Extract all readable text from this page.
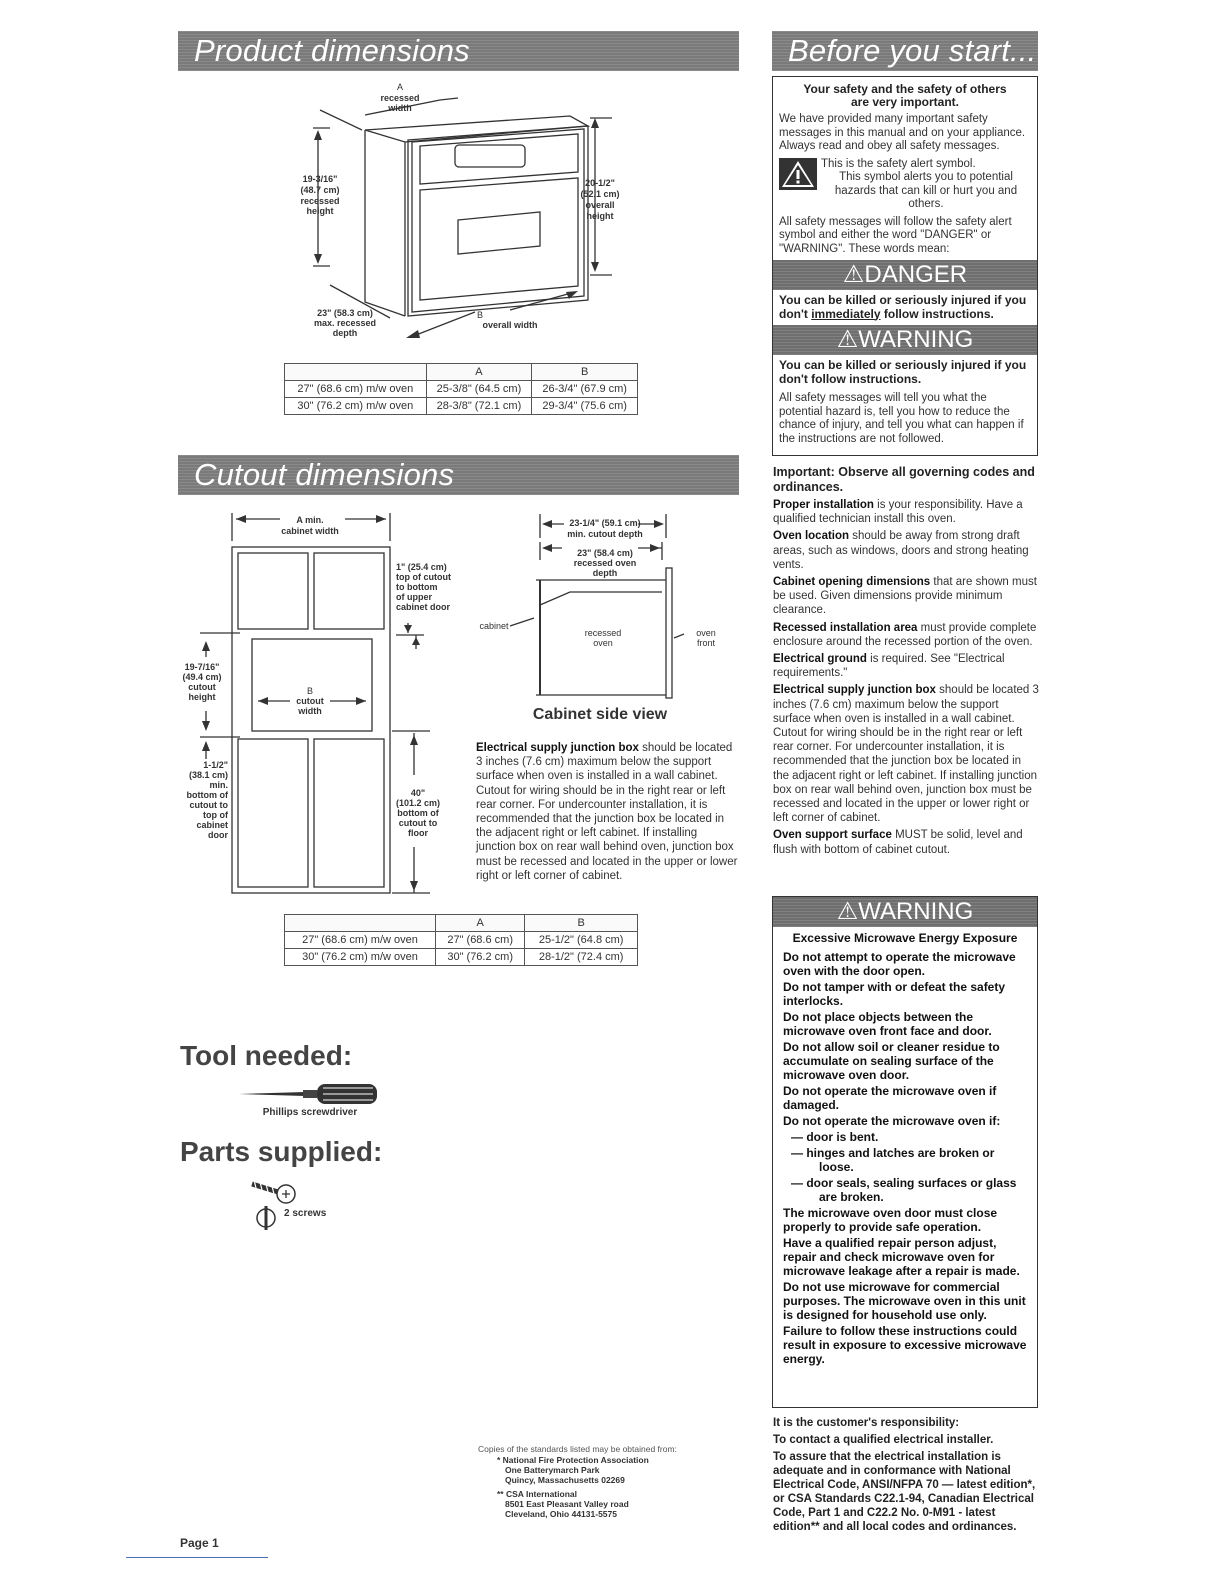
Product dimensions
A
recessed
width
19-3/16"
(48.7 cm)
recessed
height
20-1/2"
(52.1 cm)
overall
height
23" (58.3 cm)
max. recessed
depth
B
overall width
	A	B
27" (68.6 cm) m/w oven	25-3/8" (64.5 cm)	26-3/4" (67.9 cm)
30" (76.2 cm) m/w oven	28-3/8" (72.1 cm)	29-3/4" (75.6 cm)
Cutout dimensions
A min.
cabinet width
1" (25.4 cm)
top of cutout
to bottom
of upper
cabinet door
19-7/16"
(49.4 cm)
cutout
height
B
cutout
width
1-1/2"
(38.1 cm)
min.
bottom of
cutout to
top of
cabinet
door
40"
(101.2 cm)
bottom of
cutout to
floor
23-1/4" (59.1 cm)
min. cutout depth
23" (58.4 cm)
recessed oven
depth
cabinet
recessed
oven
oven
front
Cabinet side view
Electrical supply junction box should be located 3 inches (7.6 cm) maximum below the support surface when oven is installed in a wall cabinet. Cutout for wiring should be in the right rear or left rear corner. For undercounter installation, it is recommended that the junction box be located in the adjacent right or left cabinet. If installing junction box on rear wall behind oven, junction box must be recessed and located in the upper or lower right or left corner of cabinet.
	A	B
27" (68.6 cm) m/w oven	27" (68.6 cm)	25-1/2" (64.8 cm)
30" (76.2 cm) m/w oven	30" (76.2 cm)	28-1/2" (72.4 cm)
Tool needed:
Phillips screwdriver
Parts supplied:
2 screws
Copies of the standards listed may be obtained from:
* National Fire Protection Association
One Batterymarch Park
Quincy, Massachusetts 02269
** CSA International
8501 East Pleasant Valley road
Cleveland, Ohio 44131-5575
Page 1
Before you start...
Your safety and the safety of others are very important.
We have provided many important safety messages in this manual and on your appliance. Always read and obey all safety messages.
This is the safety alert symbol.
This symbol alerts you to potential hazards that can kill or hurt you and others.
All safety messages will follow the safety alert symbol and either the word "DANGER" or "WARNING". These words mean:
⚠DANGER
You can be killed or seriously injured if you don't immediately follow instructions.
⚠WARNING
You can be killed or seriously injured if you don't follow instructions.
All safety messages will tell you what the potential hazard is, tell you how to reduce the chance of injury, and tell you what can happen if the instructions are not followed.
Important: Observe all governing codes and ordinances.
Proper installation is your responsibility. Have a qualified technician install this oven.
Oven location should be away from strong draft areas, such as windows, doors and strong heating vents.
Cabinet opening dimensions that are shown must be used. Given dimensions provide minimum clearance.
Recessed installation area must provide complete enclosure around the recessed portion of the oven.
Electrical ground is required. See "Electrical requirements."
Electrical supply junction box should be located 3 inches (7.6 cm) maximum below the support surface when oven is installed in a wall cabinet. Cutout for wiring should be in the right rear or left rear corner. For undercounter installation, it is recommended that the junction box be located in the adjacent right or left cabinet. If installing junction box on rear wall behind oven, junction box must be recessed and located in the upper or lower right or left corner of cabinet.
Oven support surface MUST be solid, level and flush with bottom of cabinet cutout.
⚠WARNING
Excessive Microwave Energy Exposure
Do not attempt to operate the microwave oven with the door open.
Do not tamper with or defeat the safety interlocks.
Do not place objects between the microwave oven front face and door.
Do not allow soil or cleaner residue to accumulate on sealing surface of the microwave oven door.
Do not operate the microwave oven if damaged.
Do not operate the microwave oven if:
— door is bent.
— hinges and latches are broken or loose.
— door seals, sealing surfaces or glass are broken.
The microwave oven door must close properly to provide safe operation.
Have a qualified repair person adjust, repair and check microwave oven for microwave leakage after a repair is made.
Do not use microwave for commercial purposes. The microwave oven in this unit is designed for household use only.
Failure to follow these instructions could result in exposure to excessive microwave energy.
It is the customer's responsibility:
To contact a qualified electrical installer.
To assure that the electrical installation is adequate and in conformance with National Electrical Code, ANSI/NFPA 70 — latest edition*, or CSA Standards C22.1-94, Canadian Electrical Code, Part 1 and C22.2 No. 0-M91 - latest edition** and all local codes and ordinances.
